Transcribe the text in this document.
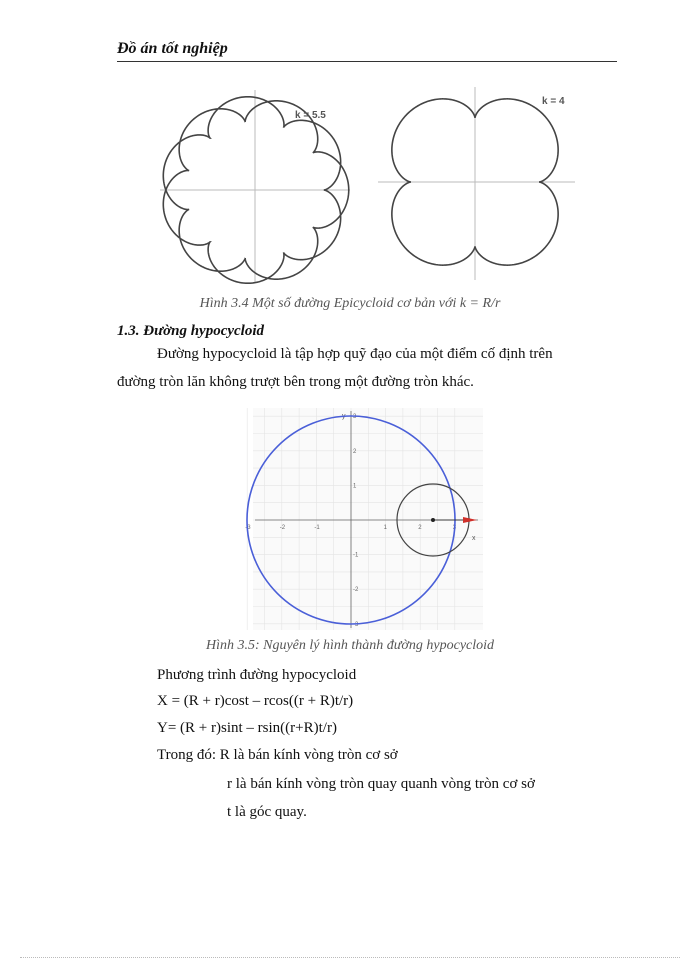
Đồ án tốt nghiệp
k = 5.5
k = 4
Hình 3.4 Một số đường Epicycloid cơ bản với k = R/r
1.3. Đường hypocycloid
Đường hypocycloid là tập hợp quỹ đạo của một điểm cố định trên
đường tròn lăn không trượt bên trong một đường tròn khác.
x
y
-3	-2	-1	1	2	3
3
2
1
-1
-2
-3
Hình 3.5: Nguyên lý hình thành đường hypocycloid
Phương trình đường hypocycloid
X = (R + r)cost – rcos((r + R)t/r)
Y= (R + r)sint – rsin((r+R)t/r)
Trong đó: R là bán kính vòng tròn cơ sở
r là bán kính vòng tròn quay quanh vòng tròn cơ sở
t là góc quay.
